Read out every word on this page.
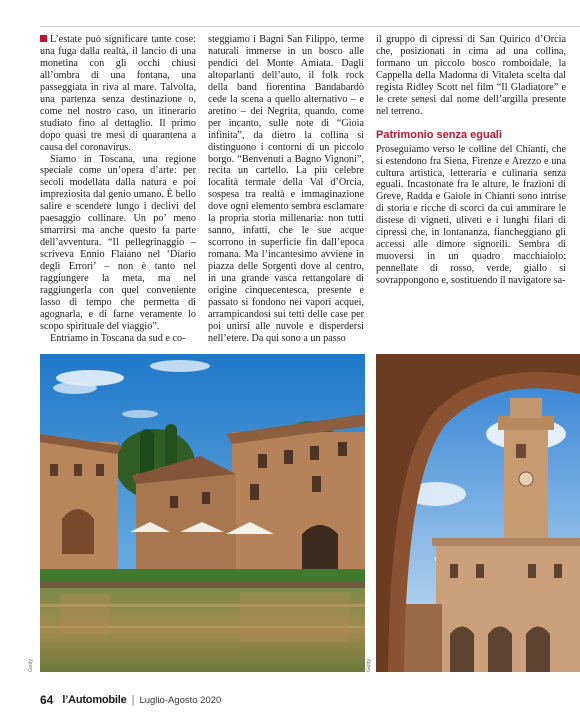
L’estate può significare tante cose: una fuga dalla realtà, il lancio di una monetina con gli occhi chiusi all’ombra di una fontana, una passeggiata in riva al mare. Talvolta, una partenza senza destinazione o, come nel nostro caso, un itinerario studiato fino al dettaglio. Il primo dopo quasi tre mesi di quarantena a causa del coronavirus.

Siamo in Toscana, una regione speciale come un’opera d’arte: per secoli modellata dalla natura e poi impreziosita dal genio umano. È bello salire e scendere lungo i declivi del paesaggio collinare. Un po’ meno smarrirsi ma anche questo fa parte dell’avventura. “Il pellegrinaggio – scriveva Ennio Flaiano nel ‘Diario degli Errori’ – non è tanto nel raggiungere la meta, ma nel raggiungerla con quel conveniente lasso di tempo che permetta di agognarla, e di farne veramente lo scopo spirituale del viaggio”.

Entriamo in Toscana da sud e co-

steggiamo i Bagni San Filippo, terme naturali immerse in un bosco alle pendici del Monte Amiata. Dagli altoparlanti dell’auto, il folk rock della band fiorentina Bandabardò cede la scena a quello alternativo – e aretino – dei Negrita, quando, come per incanto, sulle note di “Gioia infinita”, da dietro la collina si distinguono i contorni di un piccolo borgo. “Benvenuti a Bagno Vignoni”, recita un cartello. La più celebre località termale della Val d’Orcia, sospesa tra realtà e immaginazione dove ogni elemento sembra esclamare la propria storia millenaria: non tutti sanno, infatti, che le sue acque scorrono in superficie fin dall’epoca romana. Ma l’incantesimo avviene in piazza delle Sorgenti dove al centro, in una grande vasca rettangolare di origine cinquecentesca, presente e passato si fondono nei vapori acquei, arrampicandosi sui tetti delle case per poi unirsi alle nuvole e disperdersi nell’etere. Da qui sono a un passo

il gruppo di cipressi di San Quirico d’Orcia che, posizionati in cima ad una collina, formano un piccolo bosco romboidale, la Cappella della Madonna di Vitaleta scelta dal regista Ridley Scott nel film “Il Gladiatore” e le crete senesi dal nome dell’argilla presente nel terreno.

Patrimonio senza eguali

Proseguiamo verso le colline del Chianti, che si estendono fra Siena, Firenze e Arezzo e una cultura artistica, letteraria e culinaria senza eguali. Incastonate fra le alture, le frazioni di Greve, Radda e Gaiole in Chianti sono intrise di storia e ricche di scorci da cui ammirare le distese di vigneti, uliveti e i lunghi filari di cipressi che, in lontananza, fiancheggiano gli accessi alle dimore signorili. Sembra di muoversi in un quadro macchiaiolo: pennellate di rosso, verde, giallo si sovrappongono e, sostituendo il navigatore sa-

Getty	Getty
64 l’Automobile | Luglio-Agosto 2020
